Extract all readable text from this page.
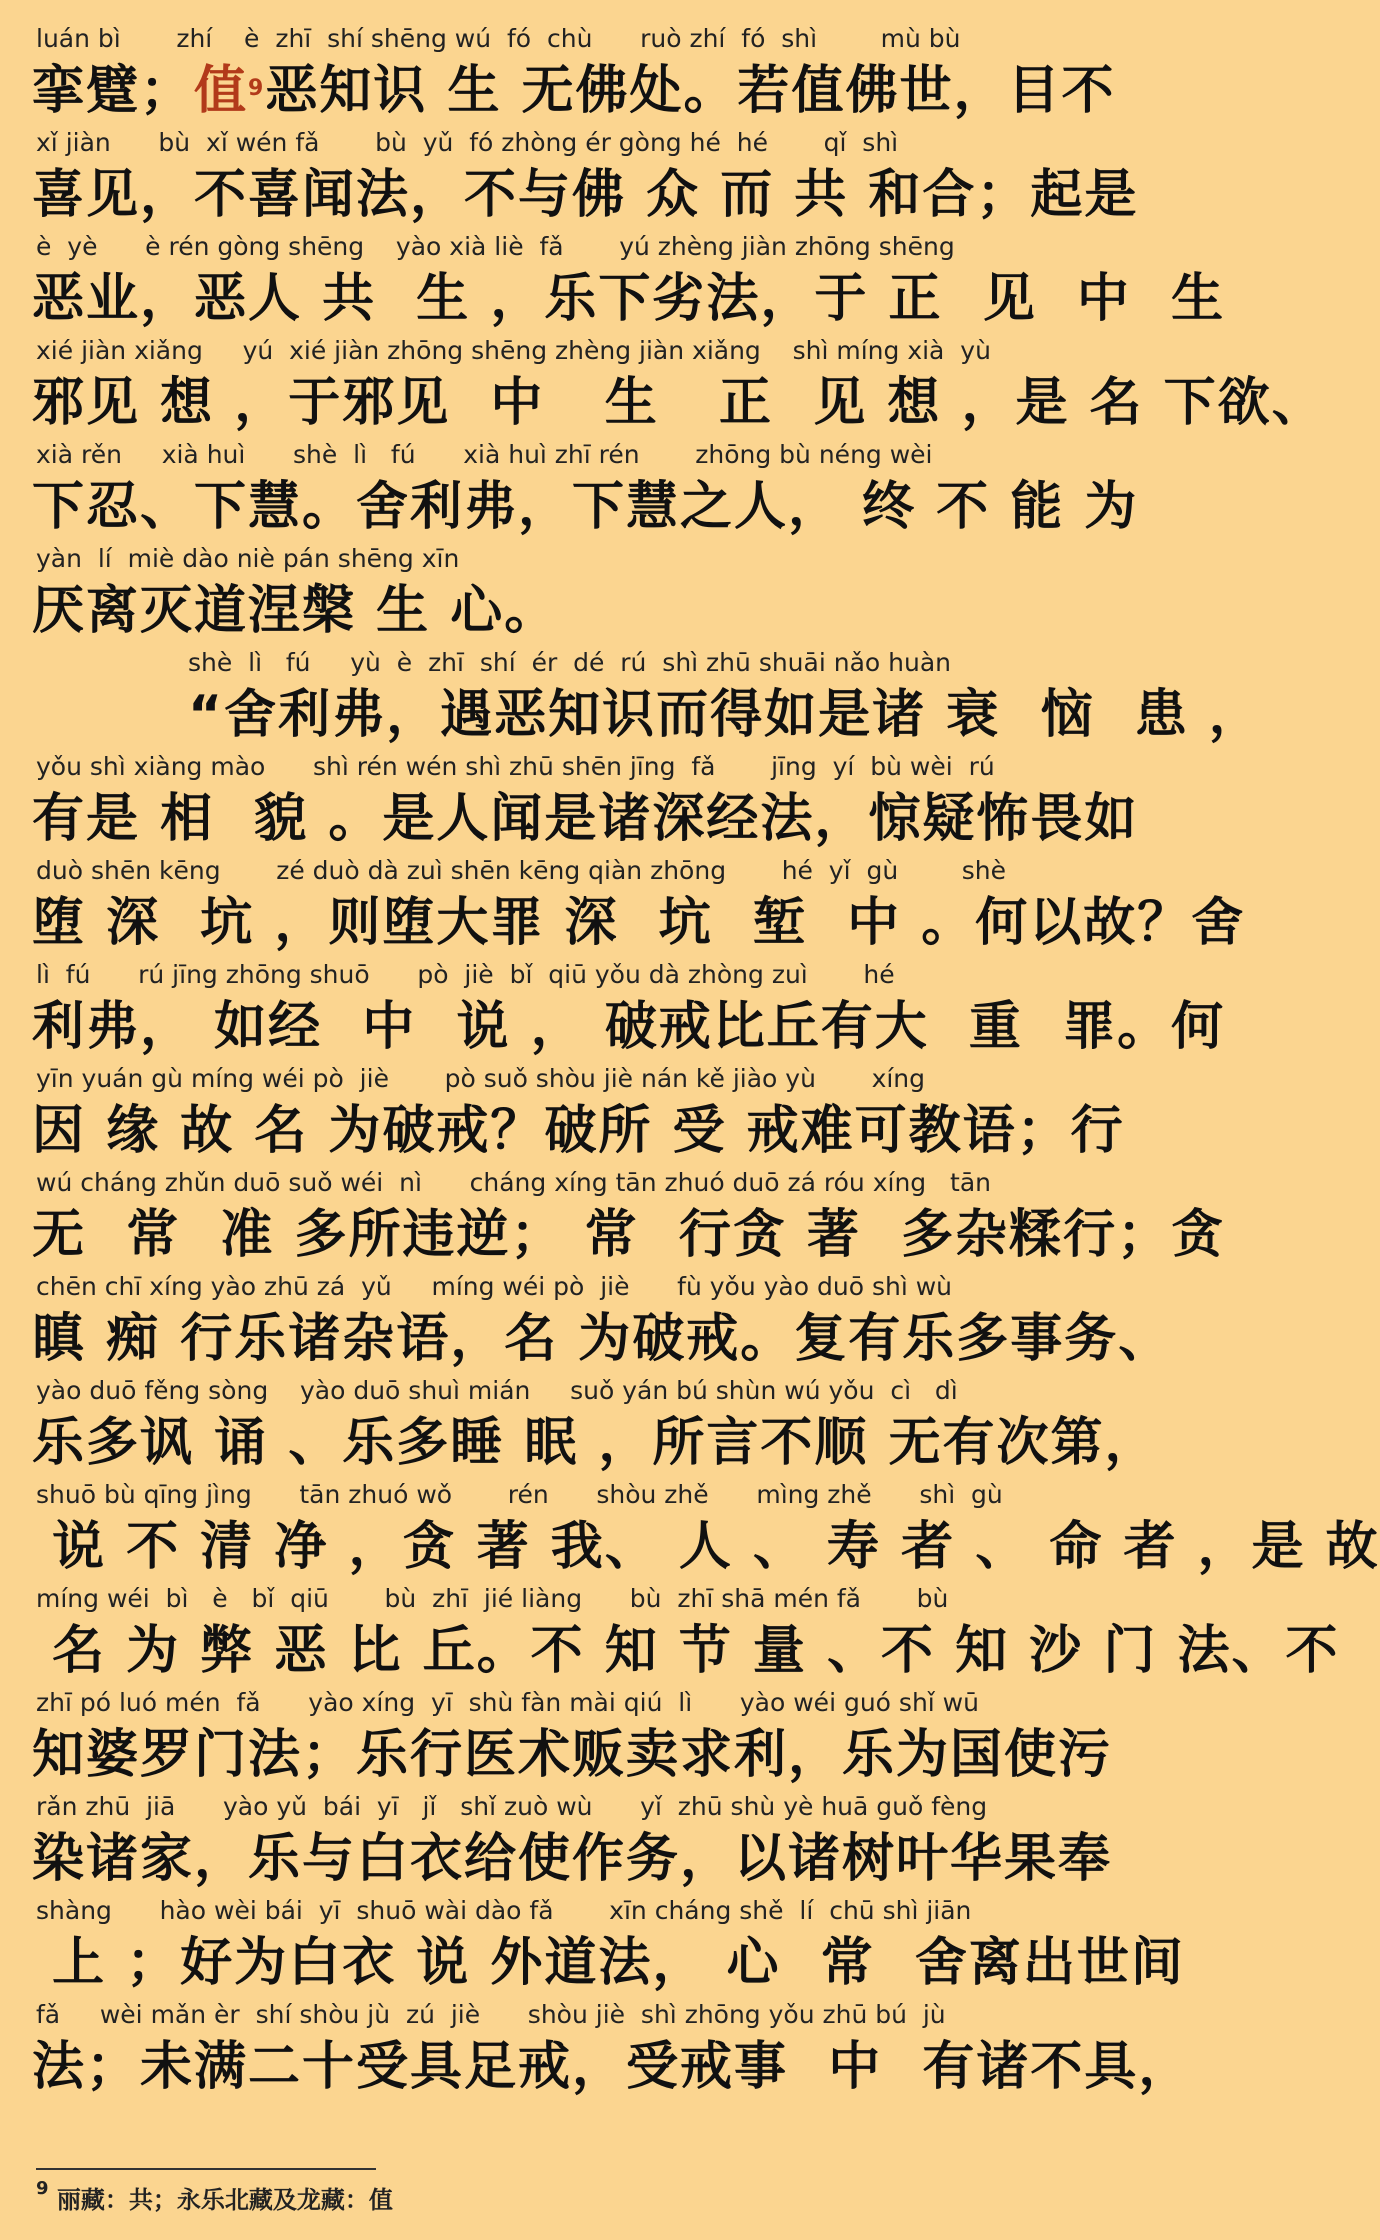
luán bì       zhí    è  zhī  shí shēng wú  fó  chù      ruò zhí  fó  shì        mù bù
挛躄；值$^9$恶知识 生 无佛处。若值佛世，目不
xǐ jiàn      bù  xǐ wén fǎ       bù  yǔ  fó zhòng ér gòng hé  hé       qǐ  shì
喜见，不喜闻法，不与佛 众 而 共 和合；起是
è  yè      è rén gòng shēng    yào xià liè  fǎ       yú zhèng jiàn zhōng shēng
恶业，恶人 共  生 ，乐下劣法，于 正  见  中  生
xié jiàn xiǎng     yú  xié jiàn zhōng shēng zhèng jiàn xiǎng    shì míng xià  yù
邪见 想 ，于邪见  中   生   正  见 想 ，是 名 下欲、
xià rěn     xià huì      shè  lì   fú      xià huì zhī rén       zhōng bù néng wèi
下忍、下慧。舍利弗，下慧之人， 终 不 能 为
yàn  lí  miè dào niè pán shēng xīn
厌离灭道涅槃 生 心。
shè  lì   fú     yù  è  zhī  shí  ér  dé  rú  shì zhū shuāi nǎo huàn
“舍利弗，遇恶知识而得如是诸 衰  恼  患 ，
yǒu shì xiàng mào      shì rén wén shì zhū shēn jīng  fǎ       jīng  yí  bù wèi  rú
有是 相  貌 。是人闻是诸深经法，惊疑怖畏如
duò shēn kēng       zé duò dà zuì shēn kēng qiàn zhōng       hé  yǐ  gù        shè
堕 深  坑 ，则堕大罪 深  坑  堑  中 。何以故？舍
lì  fú      rú jīng zhōng shuō      pò  jiè  bǐ  qiū yǒu dà zhòng zuì       hé
利弗， 如经  中  说 ， 破戒比丘有大  重  罪。何
yīn yuán gù míng wéi pò  jiè       pò suǒ shòu jiè nán kě jiào yù       xíng
因 缘 故 名 为破戒？破所 受 戒难可教语；行
wú cháng zhǔn duō suǒ wéi  nì      cháng xíng tān zhuó duō zá róu xíng   tān
无  常  准 多所违逆； 常  行贪 著  多杂糅行；贪
chēn chī xíng yào zhū zá  yǔ     míng wéi pò  jiè      fù yǒu yào duō shì wù
瞋 痴 行乐诸杂语，名 为破戒。复有乐多事务、
yào duō fěng sòng    yào duō shuì mián     suǒ yán bú shùn wú yǒu  cì   dì
乐多讽 诵 、乐多睡 眠 ，所言不顺 无有次第，
shuō bù qīng jìng      tān zhuó wǒ       rén      shòu zhě      mìng zhě      shì  gù
说 不 清 净 ，贪 著 我、 人 、 寿 者 、 命 者 ，是 故
míng wéi  bì   è   bǐ  qiū       bù  zhī  jié liàng      bù  zhī shā mén fǎ       bù
名 为 弊 恶 比 丘。不 知 节 量 、不 知 沙 门 法、不
zhī pó luó mén  fǎ      yào xíng  yī  shù fàn mài qiú  lì      yào wéi guó shǐ wū
知婆罗门法；乐行医术贩卖求利，乐为国使污
rǎn zhū  jiā      yào yǔ  bái  yī   jǐ   shǐ zuò wù      yǐ  zhū shù yè huā guǒ fèng
染诸家，乐与白衣给使作务，以诸树叶华果奉
shàng      hào wèi bái  yī  shuō wài dào fǎ       xīn cháng shě  lí  chū shì jiān
上 ；好为白衣 说 外道法， 心  常  舍离出世间
fǎ     wèi mǎn èr  shí shòu jù  zú  jiè      shòu jiè  shì zhōng yǒu zhū bú  jù
法；未满二十受具足戒，受戒事  中  有诸不具，
$^9$ 丽藏：共；永乐北藏及龙藏：值
